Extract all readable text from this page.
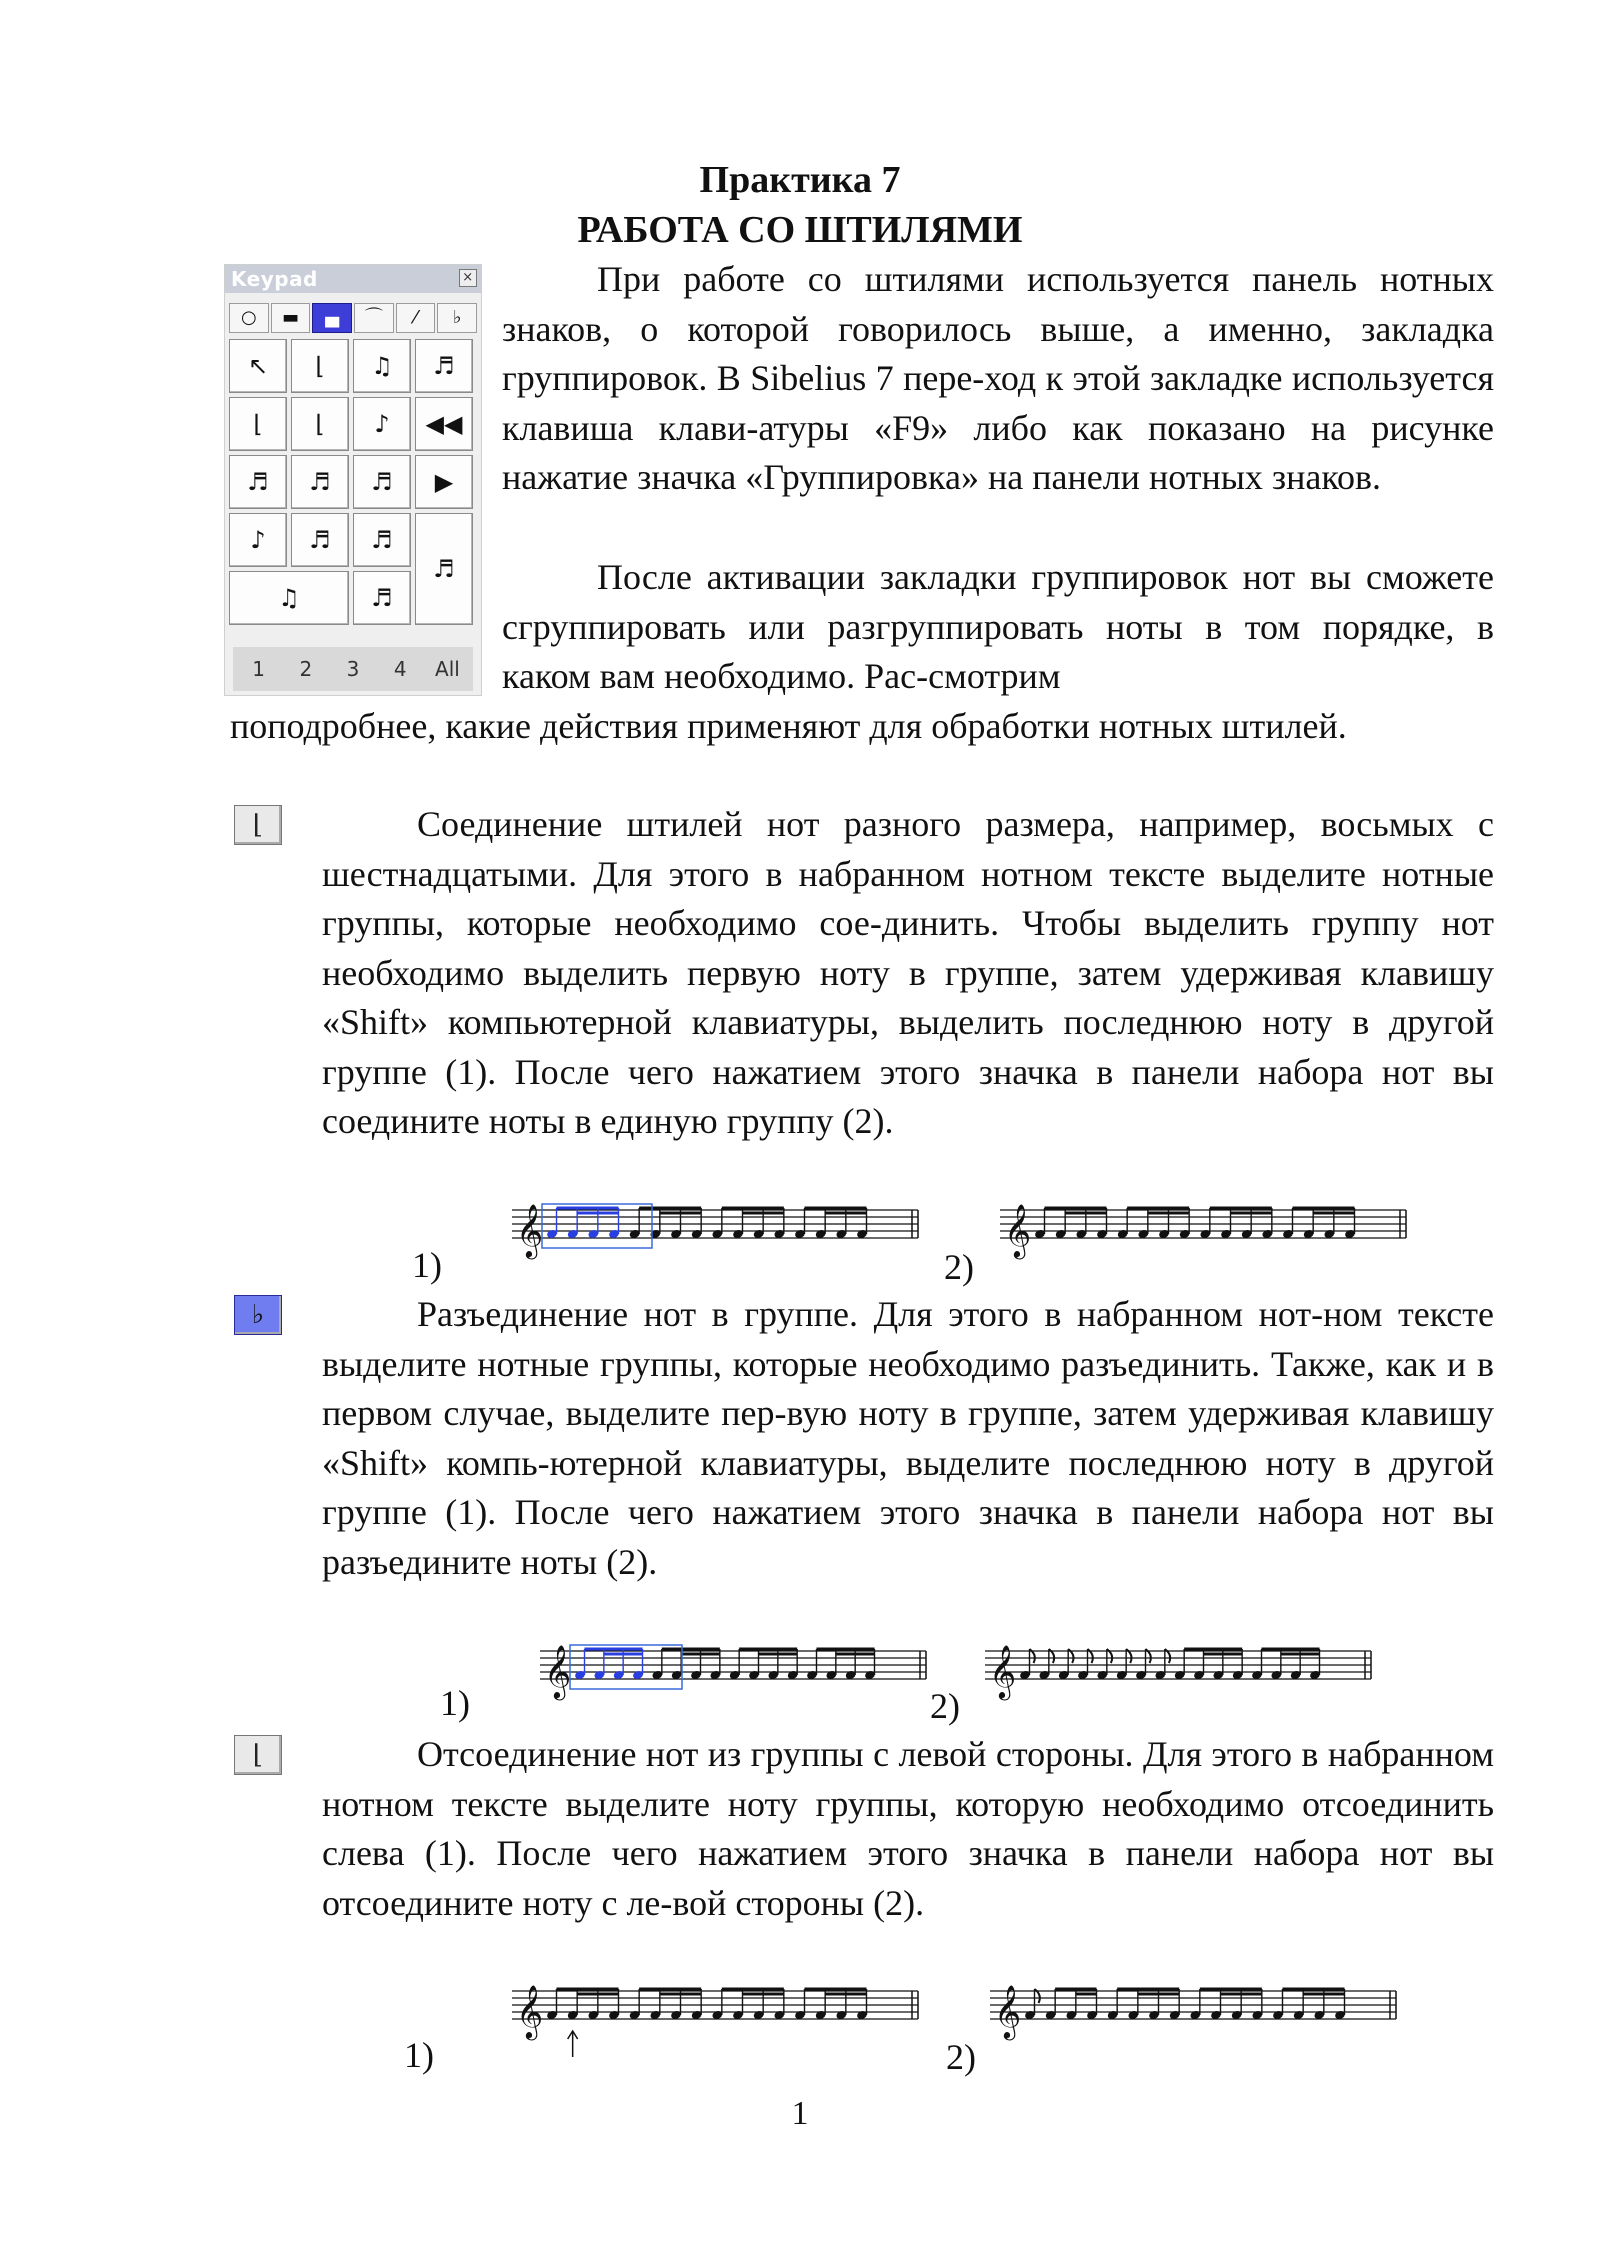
Практика 7
РАБОТА СО ШТИЛЯМИ
Keypad	×
○	▬	▄	⌒	⁄	♭
↖	⌊	♫	♬
⌊	⌊	♪	◀◀
♬	♬	♬	▶
♪	♬	♬
♬
♫	♬
1	2	3	4	All
При работе со штилями используется панель нотных знаков, о которой говорилось выше, а именно, закладка группировок. В Sibelius 7 пере-ход к этой закладке используется клавиша клави-атуры «F9» либо как показано на рисунке нажатие значка «Группировка» на панели нотных знаков.
После активации закладки группировок нот вы сможете сгруппировать или разгруппировать ноты в том порядке, в каком вам необходимо. Рас-смотрим
поподробнее, какие действия применяют для обработки нотных штилей.
⌊	Соединение штилей нот разного размера, например, восьмых с шестнадцатыми. Для этого в набранном нотном тексте выделите нотные группы, которые необходимо сое-динить. Чтобы выделить группу нот необходимо выделить первую ноту в группе, затем удерживая клавишу «Shift» компьютерной клавиатуры, выделить последнюю ноту в другой группе (1). После чего нажатием этого значка в панели набора нот вы соедините ноты в единую группу (2).
1)	2)
𝄞	𝄞
♭	Разъединение нот в группе. Для этого в набранном нот-ном тексте выделите нотные группы, которые необходимо разъединить. Также, как и в первом случае, выделите пер-вую ноту в группе, затем удерживая клавишу «Shift» компь-ютерной клавиатуры, выделите последнюю ноту в другой группе (1). После чего нажатием этого значка в панели набора нот вы разъедините ноты (2).
1)	2)
𝄞	𝄞
⌊	Отсоединение нот из группы с левой стороны. Для этого в набранном нотном тексте выделите ноту группы, которую необходимо отсоединить слева (1). После чего нажатием этого значка в панели набора нот вы отсоедините ноту с ле-вой стороны (2).
1)	2)
𝄞	𝄞
1
